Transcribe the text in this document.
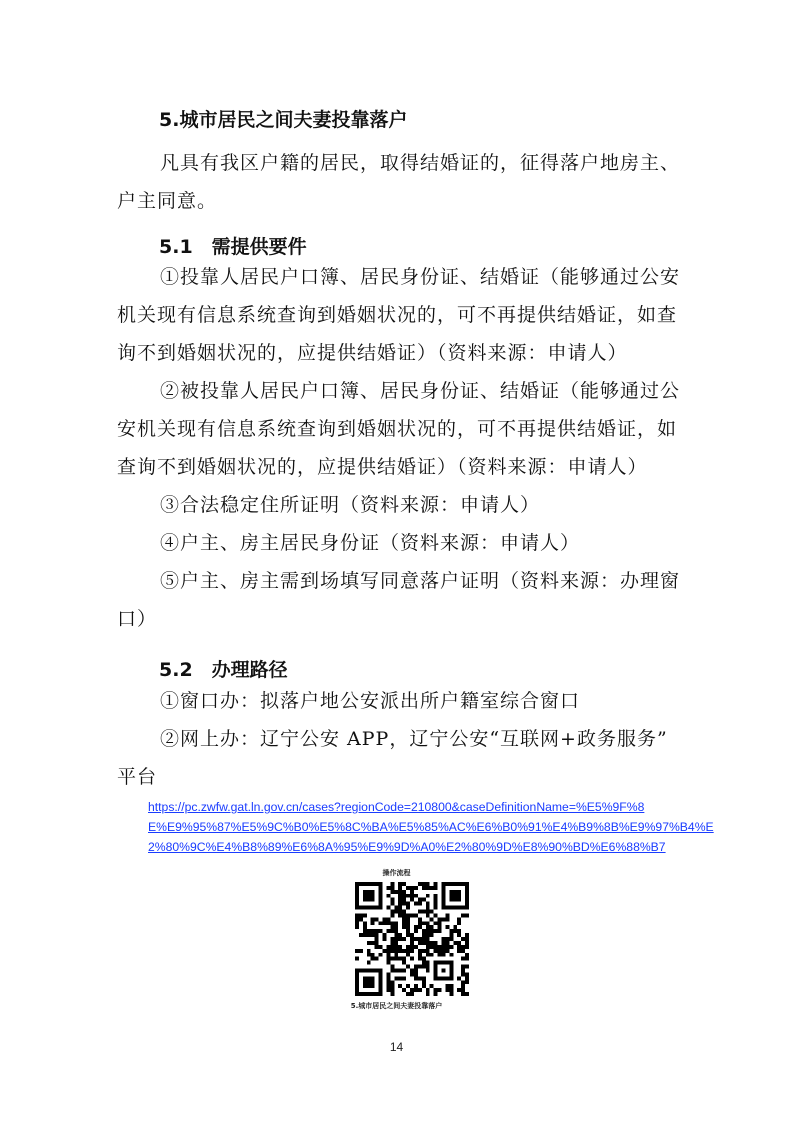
5.城市居民之间夫妻投靠落户
凡具有我区户籍的居民，取得结婚证的，征得落户地房主、
户主同意。
5.1　需提供要件
①投靠人居民户口簿、居民身份证、结婚证（能够通过公安
机关现有信息系统查询到婚姻状况的，可不再提供结婚证，如查
询不到婚姻状况的，应提供结婚证）（资料来源：申请人）
②被投靠人居民户口簿、居民身份证、结婚证（能够通过公
安机关现有信息系统查询到婚姻状况的，可不再提供结婚证，如
查询不到婚姻状况的，应提供结婚证）（资料来源：申请人）
③合法稳定住所证明（资料来源：申请人）
④户主、房主居民身份证（资料来源：申请人）
⑤户主、房主需到场填写同意落户证明（资料来源：办理窗
口）
5.2　办理路径
①窗口办：拟落户地公安派出所户籍室综合窗口
②网上办：辽宁公安 APP，辽宁公安“互联网+政务服务”
平台
https://pc.zwfw.gat.ln.gov.cn/cases?regionCode=210800&caseDefinitionName=%E5%9F%8
E%E9%95%87%E5%9C%B0%E5%8C%BA%E5%85%AC%E6%B0%91%E4%B9%8B%E9%97%B4%E
2%80%9C%E4%B8%89%E6%8A%95%E9%9D%A0%E2%80%9D%E8%90%BD%E6%88%B7
操作流程
5.城市居民之间夫妻投靠落户
14
